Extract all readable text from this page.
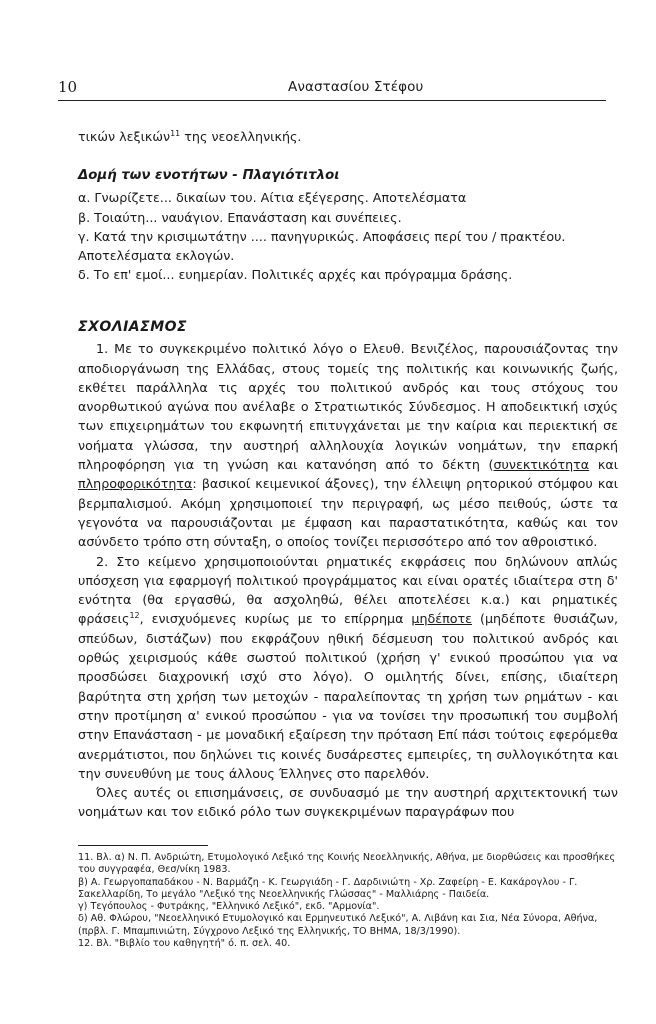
10	Αναστασίου Στέφου
τικών λεξικών$^{11}$ της νεοελληνικής.

Δομή των ενοτήτων - Πλαγιότιτλοι

α. Γνωρίζετε... δικαίων του. Αίτια εξέγερσης. Αποτελέσματα

β. Τοιαύτη... ναυάγιον. Επανάσταση και συνέπειες.

γ. Κατά την κρισιμωτάτην .... πανηγυρικώς. Αποφάσεις περί του / πρακτέου. Αποτελέσματα εκλογών.

δ. Το επ' εμοί... ευημερίαν. Πολιτικές αρχές και πρόγραμμα δράσης.

ΣΧΟΛΙΑΣΜΟΣ

1. Με το συγκεκριμένο πολιτικό λόγο ο Ελευθ. Βενιζέλος, παρουσιάζοντας την αποδιοργάνωση της Ελλάδας, στους τομείς της πολιτικής και κοινωνικής ζωής, εκθέτει παράλληλα τις αρχές του πολιτικού ανδρός και τους στόχους του ανορθωτικού αγώνα που ανέλαβε ο Στρατιωτικός Σύνδεσμος. Η αποδεικτική ισχύς των επιχειρημάτων του εκφωνητή επιτυγχάνεται με την καίρια και περιεκτική σε νοήματα γλώσσα, την αυστηρή αλληλουχία λογικών νοημάτων, την επαρκή πληροφόρηση για τη γνώση και κατανόηση από το δέκτη (συνεκτικότητα και πληροφορικότητα: βασικοί κειμενικοί άξονες), την έλλειψη ρητορικού στόμφου και βερμπαλισμού. Ακόμη χρησιμοποιεί την περιγραφή, ως μέσο πειθούς, ώστε τα γεγονότα να παρουσιάζονται με έμφαση και παραστατικότητα, καθώς και τον ασύνδετο τρόπο στη σύνταξη, ο οποίος τονίζει περισσότερο από τον αθροιστικό.

2. Στο κείμενο χρησιμοποιούνται ρηματικές εκφράσεις που δηλώνουν απλώς υπόσχεση για εφαρμογή πολιτικού προγράμματος και είναι ορατές ιδιαίτερα στη δ' ενότητα (θα εργασθώ, θα ασχοληθώ, θέλει αποτελέσει κ.α.) και ρηματικές φράσεις$^{12}$, ενισχυόμενες κυρίως με το επίρρημα μηδέποτε (μηδέποτε θυσιάζων, σπεύδων, διστάζων) που εκφράζουν ηθική δέσμευση του πολιτικού ανδρός και ορθώς χειρισμούς κάθε σωστού πολιτικού (χρήση γ' ενικού προσώπου για να προσδώσει διαχρονική ισχύ στο λόγο). Ο ομιλητής δίνει, επίσης, ιδιαίτερη βαρύτητα στη χρήση των μετοχών - παραλείποντας τη χρήση των ρημάτων - και στην προτίμηση α' ενικού προσώπου - για να τονίσει την προσωπική του συμβολή στην Επανάσταση - με μοναδική εξαίρεση την πρόταση Επί πάσι τούτοις εφερόμεθα ανερμάτιστοι, που δηλώνει τις κοινές δυσάρεστες εμπειρίες, τη συλλογικότητα και την συνευθύνη με τους άλλους Έλληνες στο παρελθόν.

Όλες αυτές οι επισημάνσεις, σε συνδυασμό με την αυστηρή αρχιτεκτονική των νοημάτων και τον ειδικό ρόλο των συγκεκριμένων παραγράφων που

11. Βλ. α) Ν. Π. Ανδριώτη, Ετυμολογικό Λεξικό της Κοινής Νεοελληνικής, Αθήνα, με διορθώσεις και προσθήκες του συγγραφέα, Θεσ/νίκη 1983.

β) Α. Γεωργοπαπαδάκου - Ν. Βαρμάζη - Κ. Γεωργιάδη - Γ. Δαρδινιώτη - Χρ. Ζαφείρη - Ε. Κακάρογλου - Γ. Σακελλαρίδη, Το μεγάλο "Λεξικό της Νεοελληνικής Γλώσσας" - Μαλλιάρης - Παιδεία.

γ) Τεγόπουλος - Φυτράκης, "Ελληνικό Λεξικό", εκδ. "Αρμονία".

δ) Αθ. Φλώρου, "Νεοελληνικό Ετυμολογικό και Ερμηνευτικό Λεξικό", Α. Λιβάνη και Σια, Νέα Σύνορα, Αθήνα, (πρβλ. Γ. Μπαμπινιώτη, Σύγχρονο Λεξικό της Ελληνικής, ΤΟ ΒΗΜΑ, 18/3/1990).

12. Βλ. "Βιβλίο του καθηγητή" ό. π. σελ. 40.
